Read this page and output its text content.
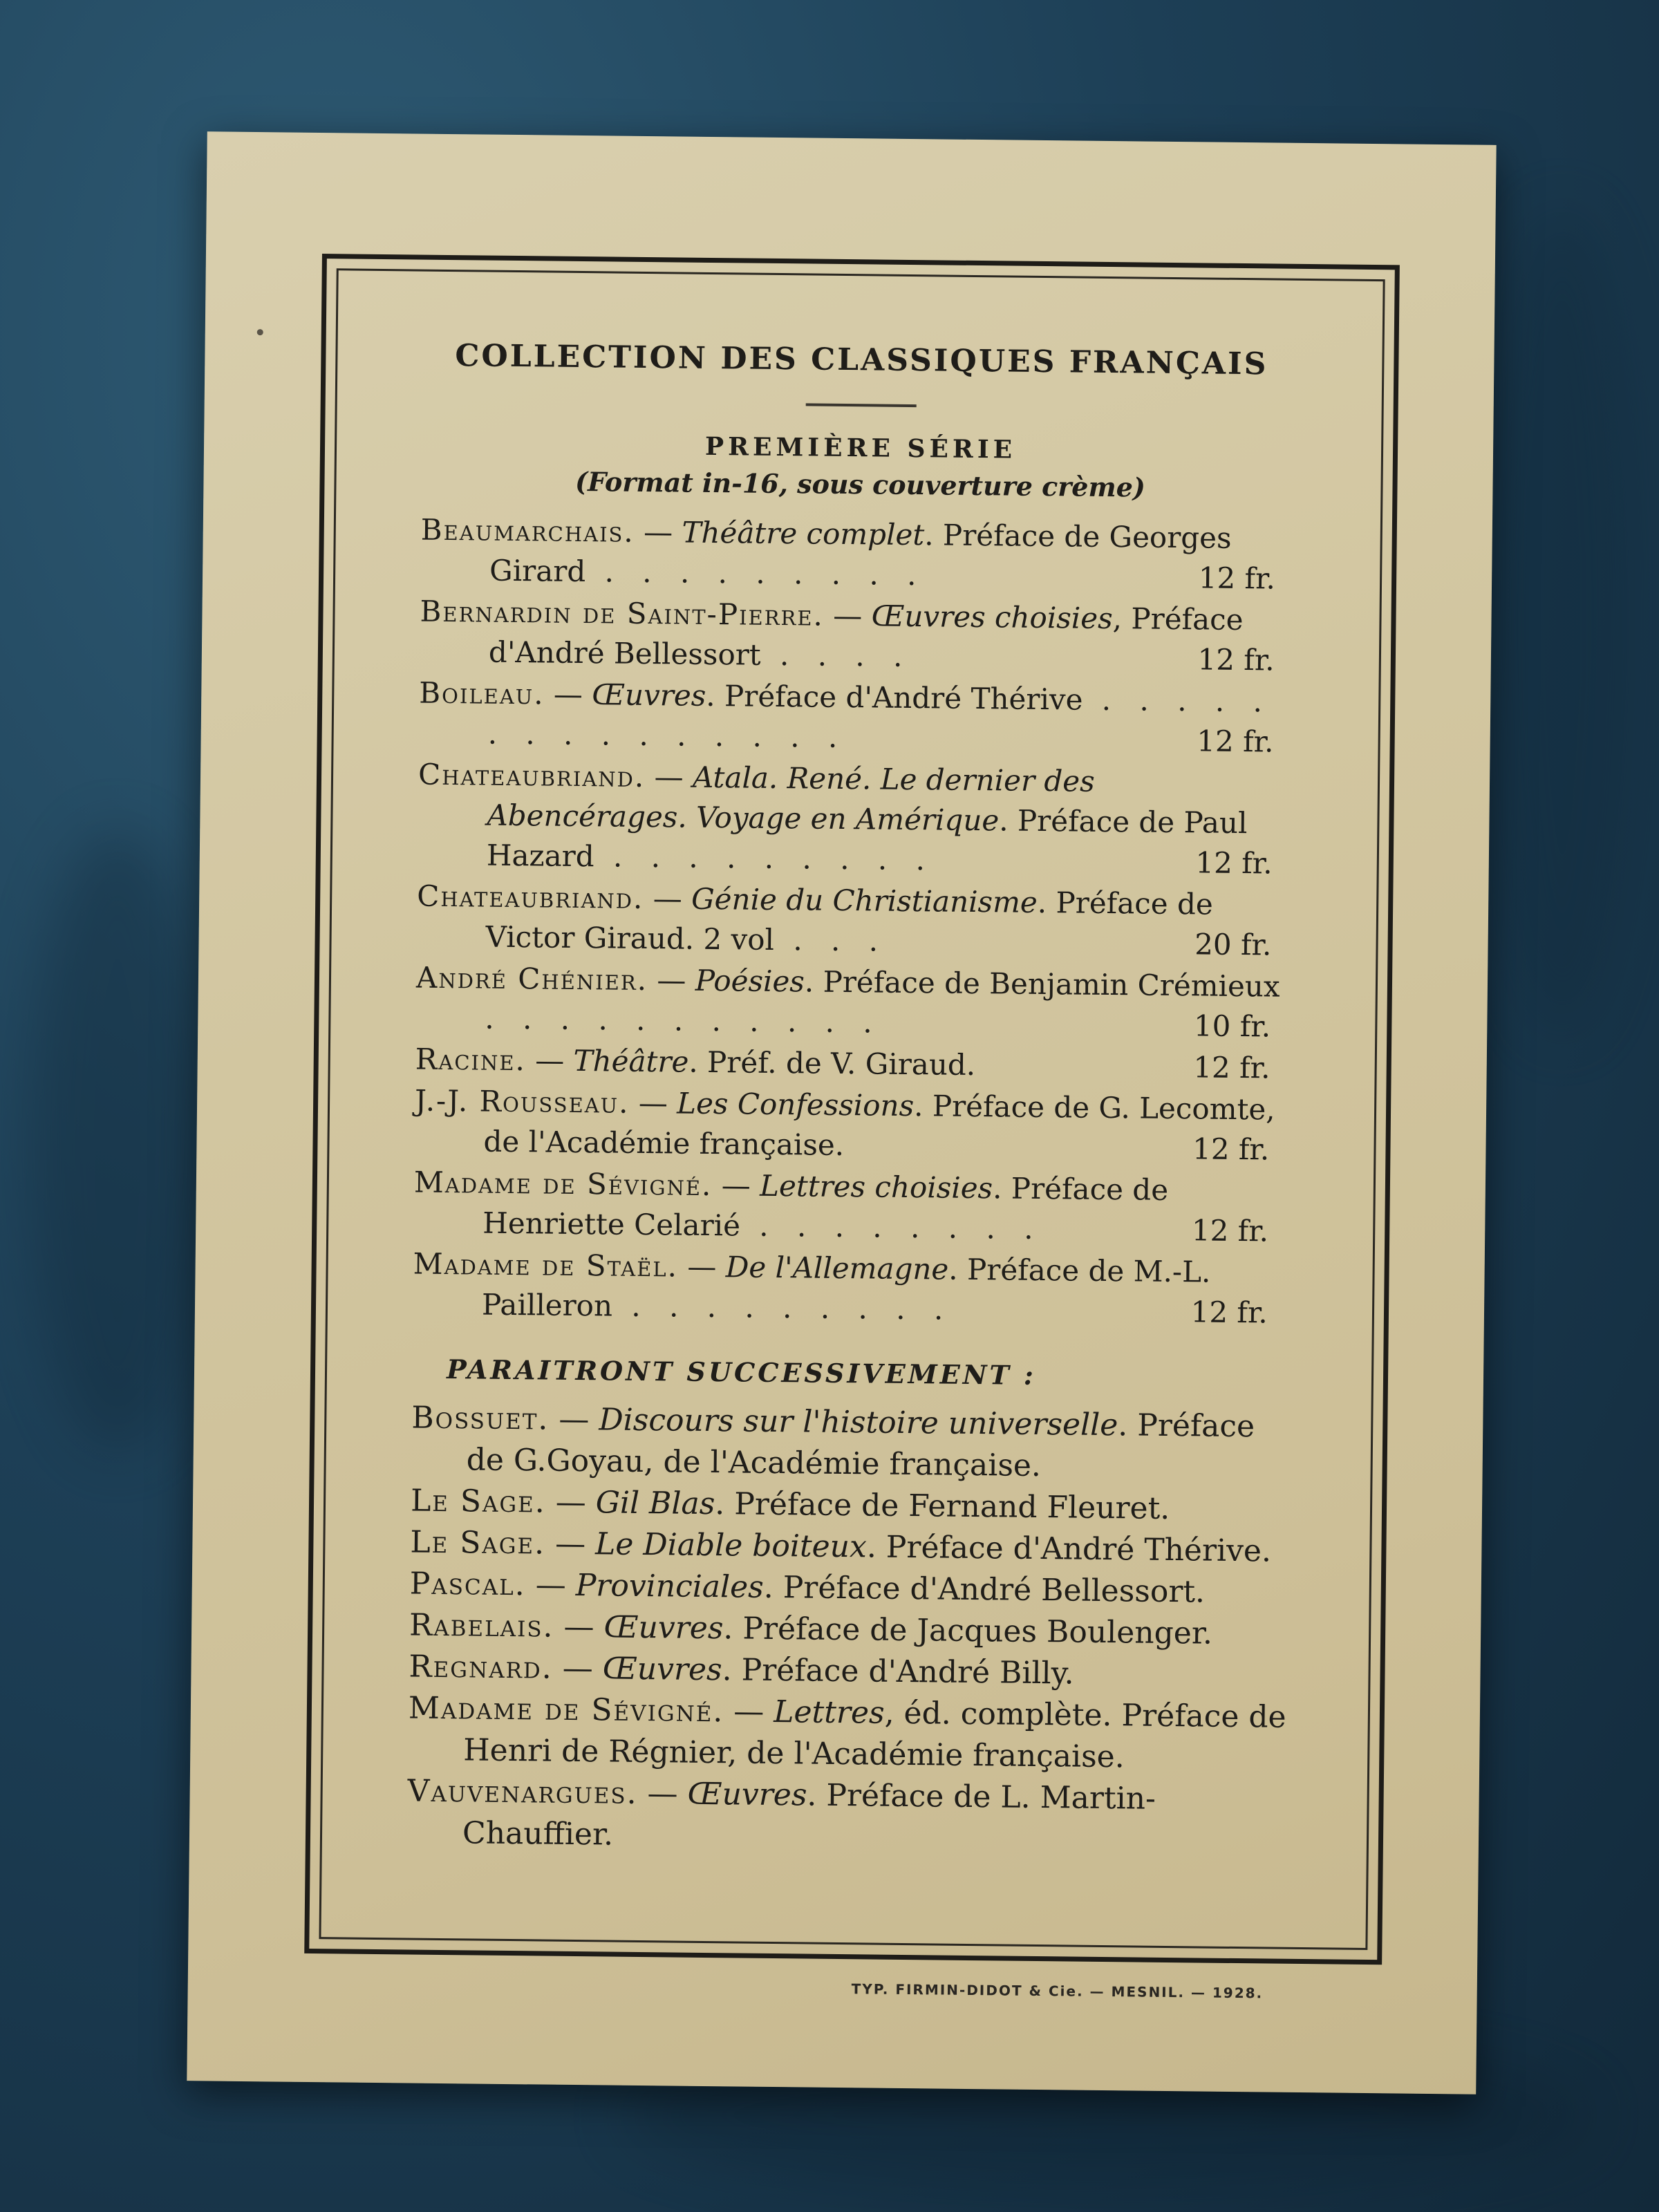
COLLECTION DES CLASSIQUES FRANÇAIS
PREMIÈRE SÉRIE
(Format in-16, sous couverture crème)
Beaumarchais. — Théâtre complet. Préface de Georges Girard . . . . . . . . .	12 fr.
Bernardin de Saint-Pierre. — Œuvres choisies, Préface d'André Bellessort . . . .	12 fr.
Boileau. — Œuvres. Préface d'André Thérive . . . . . . . . . . . . . . .	12 fr.
Chateaubriand. — Atala. René. Le dernier des Abencérages. Voyage en Amérique. Préface de Paul Hazard . . . . . . . . .	12 fr.
Chateaubriand. — Génie du Christianisme. Préface de Victor Giraud. 2 vol . . .	20 fr.
André Chénier. — Poésies. Préface de Benjamin Crémieux . . . . . . . . . . .	10 fr.
Racine. — Théâtre. Préf. de V. Giraud.	12 fr.
J.-J. Rousseau. — Les Confessions. Préface de G. Lecomte, de l'Académie française.	12 fr.
Madame de Sévigné. — Lettres choisies. Préface de Henriette Celarié . . . . . . . .	12 fr.
Madame de Staël. — De l'Allemagne. Préface de M.-L. Pailleron . . . . . . . . .	12 fr.
PARAITRONT SUCCESSIVEMENT :
Bossuet. — Discours sur l'histoire universelle. Préface de G.Goyau, de l'Académie française.
Le Sage. — Gil Blas. Préface de Fernand Fleuret.
Le Sage. — Le Diable boiteux. Préface d'André Thérive.
Pascal. — Provinciales. Préface d'André Bellessort.
Rabelais. — Œuvres. Préface de Jacques Boulenger.
Regnard. — Œuvres. Préface d'André Billy.
Madame de Sévigné. — Lettres, éd. complète. Préface de Henri de Régnier, de l'Académie française.
Vauvenargues. — Œuvres. Préface de L. Martin-Chauffier.
TYP. FIRMIN-DIDOT & Cie. — MESNIL. — 1928.
